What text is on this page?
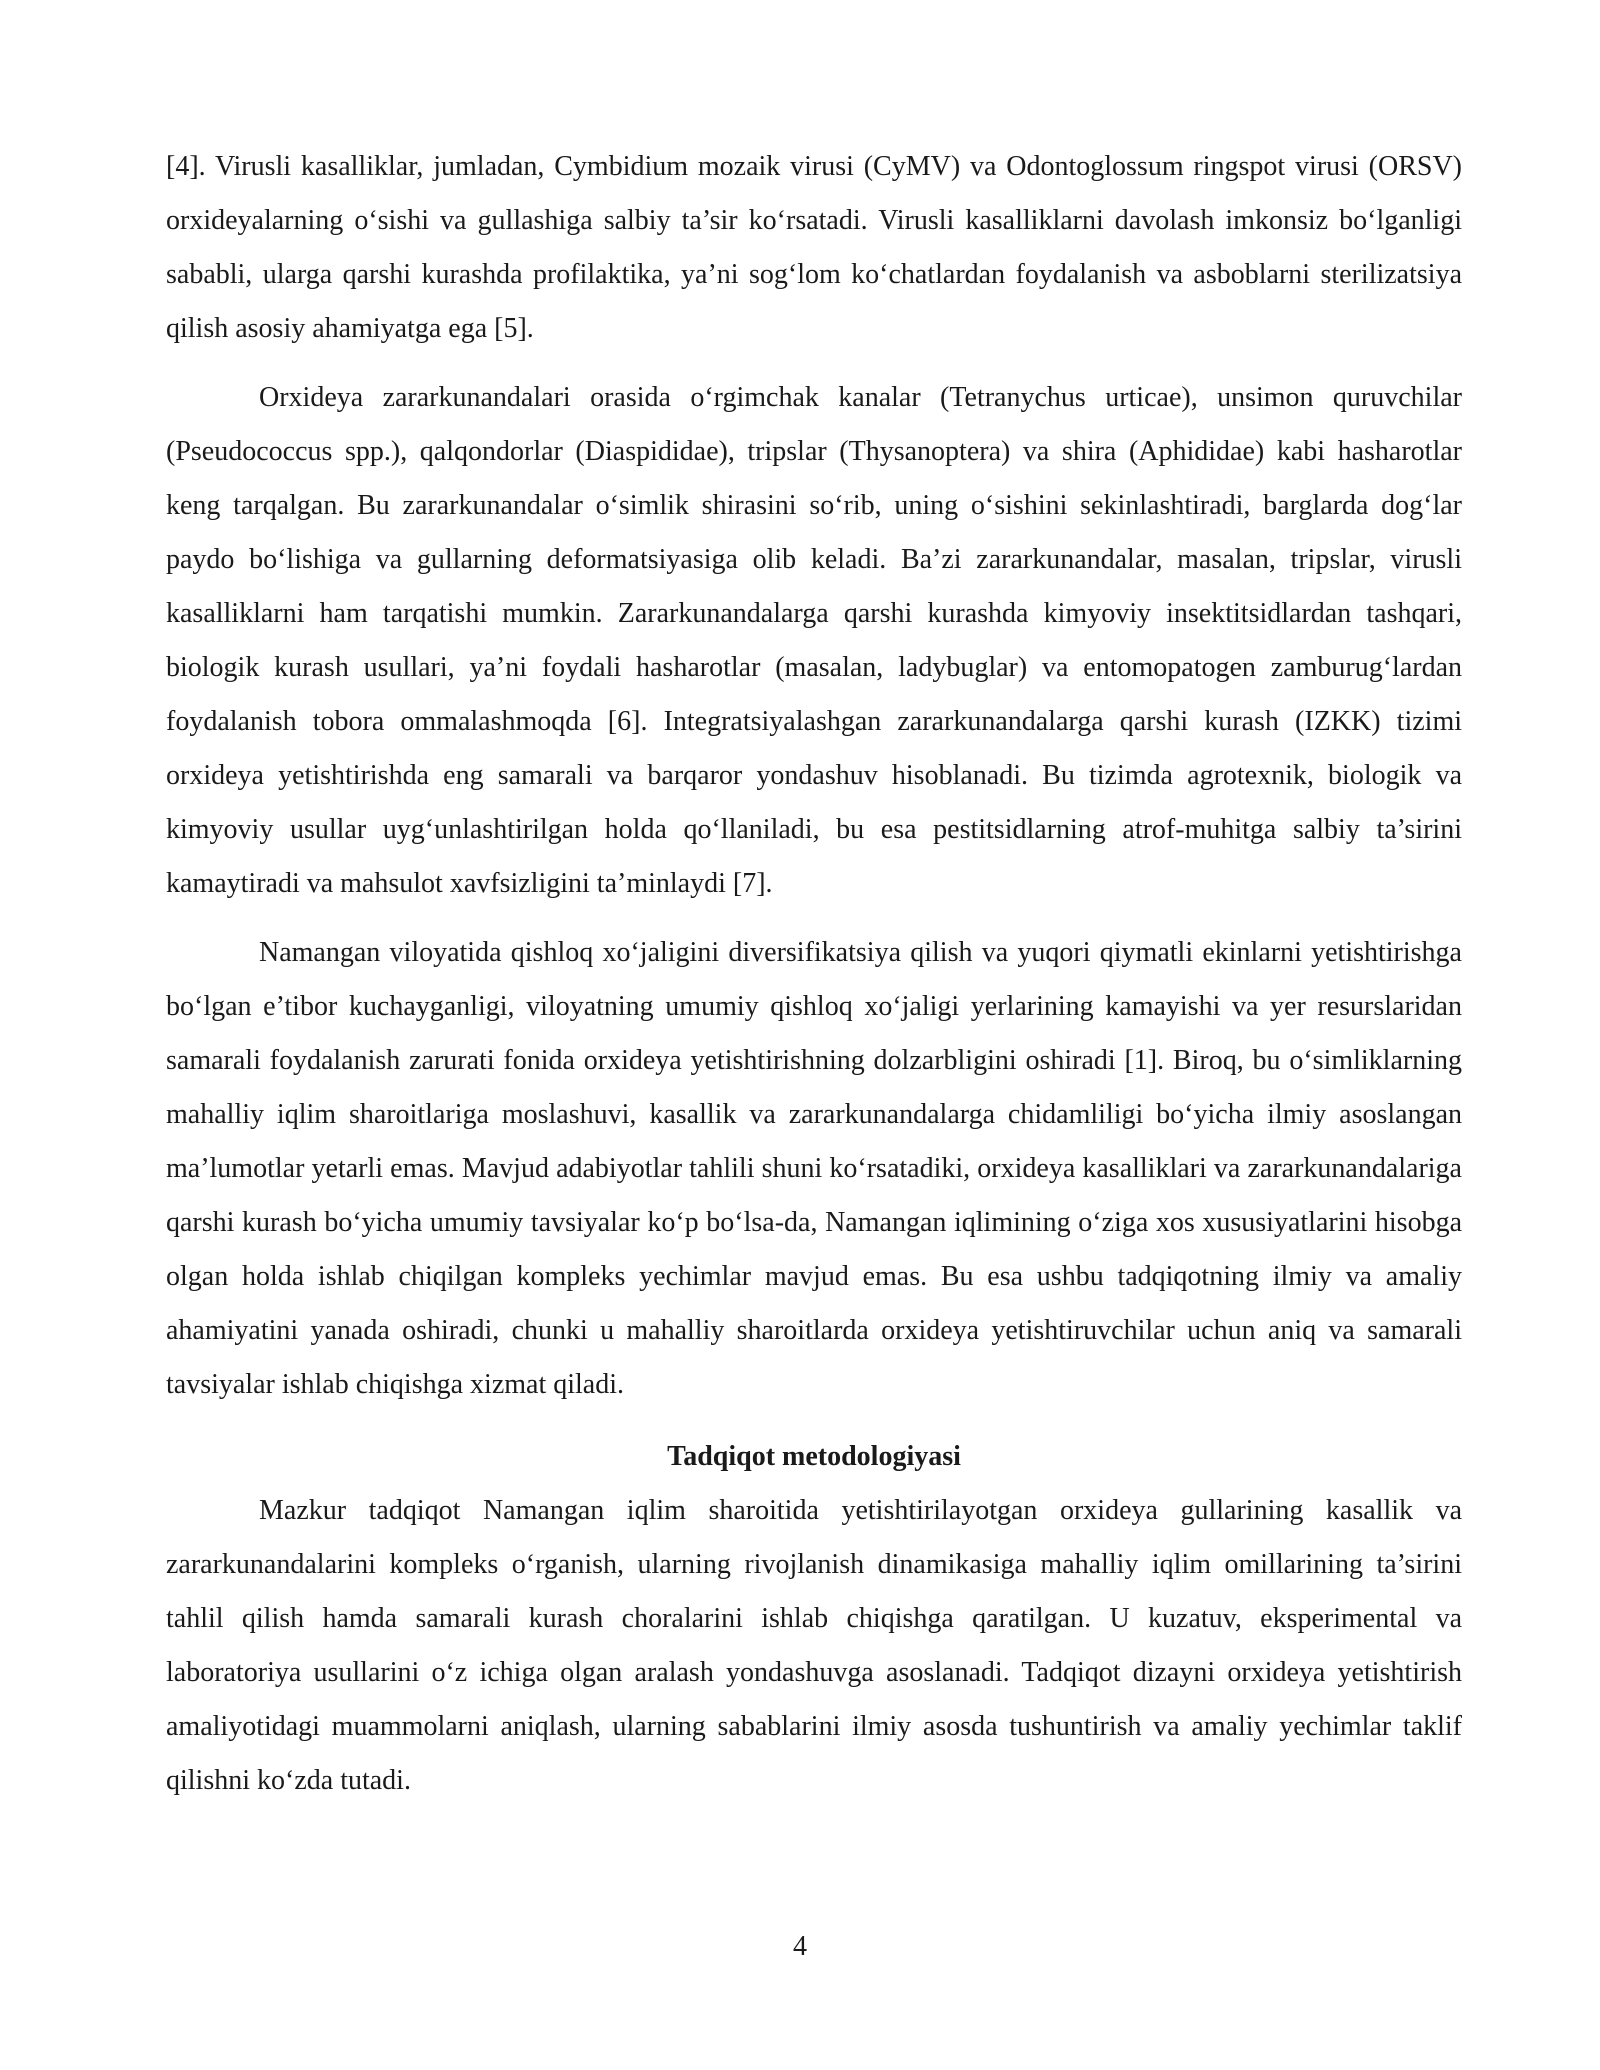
[4]. Virusli kasalliklar, jumladan, Cymbidium mozaik virusi (CyMV) va Odontoglossum ringspot virusi (ORSV) orxideyalarning o‘sishi va gullashiga salbiy ta’sir ko‘rsatadi. Virusli kasalliklarni davolash imkonsiz bo‘lganligi sababli, ularga qarshi kurashda profilaktika, ya’ni sog‘lom ko‘chatlardan foydalanish va asboblarni sterilizatsiya qilish asosiy ahamiyatga ega [5].

Orxideya zararkunandalari orasida o‘rgimchak kanalar (Tetranychus urticae), unsimon quruvchilar (Pseudococcus spp.), qalqondorlar (Diaspididae), tripslar (Thysanoptera) va shira (Aphididae) kabi hasharotlar keng tarqalgan. Bu zararkunandalar o‘simlik shirasini so‘rib, uning o‘sishini sekinlashtiradi, barglarda dog‘lar paydo bo‘lishiga va gullarning deformatsiyasiga olib keladi. Ba’zi zararkunandalar, masalan, tripslar, virusli kasalliklarni ham tarqatishi mumkin. Zararkunandalarga qarshi kurashda kimyoviy insektitsidlardan tashqari, biologik kurash usullari, ya’ni foydali hasharotlar (masalan, ladybuglar) va entomopatogen zamburug‘lardan foydalanish tobora ommalashmoqda [6]. Integratsiyalashgan zararkunandalarga qarshi kurash (IZKK) tizimi orxideya yetishtirishda eng samarali va barqaror yondashuv hisoblanadi. Bu tizimda agrotexnik, biologik va kimyoviy usullar uyg‘unlashtirilgan holda qo‘llaniladi, bu esa pestitsidlarning atrof-muhitga salbiy ta’sirini kamaytiradi va mahsulot xavfsizligini ta’minlaydi [7].

Namangan viloyatida qishloq xo‘jaligini diversifikatsiya qilish va yuqori qiymatli ekinlarni yetishtirishga bo‘lgan e’tibor kuchayganligi, viloyatning umumiy qishloq xo‘jaligi yerlarining kamayishi va yer resurslaridan samarali foydalanish zarurati fonida orxideya yetishtirishning dolzarbligini oshiradi [1]. Biroq, bu o‘simliklarning mahalliy iqlim sharoitlariga moslashuvi, kasallik va zararkunandalarga chidamliligi bo‘yicha ilmiy asoslangan ma’lumotlar yetarli emas. Mavjud adabiyotlar tahlili shuni ko‘rsatadiki, orxideya kasalliklari va zararkunandalariga qarshi kurash bo‘yicha umumiy tavsiyalar ko‘p bo‘lsa-da, Namangan iqlimining o‘ziga xos xususiyatlarini hisobga olgan holda ishlab chiqilgan kompleks yechimlar mavjud emas. Bu esa ushbu tadqiqotning ilmiy va amaliy ahamiyatini yanada oshiradi, chunki u mahalliy sharoitlarda orxideya yetishtiruvchilar uchun aniq va samarali tavsiyalar ishlab chiqishga xizmat qiladi.

Tadqiqot metodologiyasi

Mazkur tadqiqot Namangan iqlim sharoitida yetishtirilayotgan orxideya gullarining kasallik va zararkunandalarini kompleks o‘rganish, ularning rivojlanish dinamikasiga mahalliy iqlim omillarining ta’sirini tahlil qilish hamda samarali kurash choralarini ishlab chiqishga qaratilgan. U kuzatuv, eksperimental va laboratoriya usullarini o‘z ichiga olgan aralash yondashuvga asoslanadi. Tadqiqot dizayni orxideya yetishtirish amaliyotidagi muammolarni aniqlash, ularning sabablarini ilmiy asosda tushuntirish va amaliy yechimlar taklif qilishni ko‘zda tutadi.

4
